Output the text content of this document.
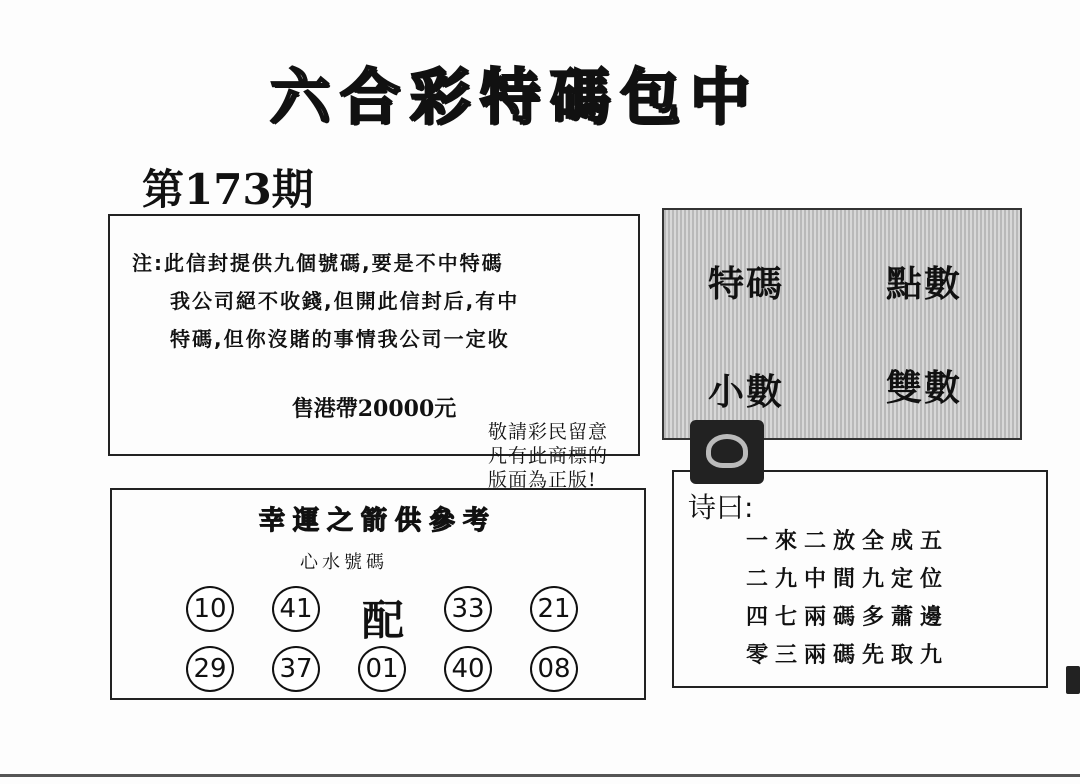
六合彩特碼包中
第173期
注:此信封提供九個號碼,要是不中特碼
我公司絕不收錢,但開此信封后,有中
特碼,但你沒賭的事情我公司一定收
售港帶20000元
特碼	點數
小數	雙數
敬請彩民留意
凡有此商標的
版面為正版!
幸運之箭供參考
心水號碼
10 41 配 33 21
29 37 01 40 08
诗曰:
一來二放全成五
二九中間九定位
四七兩碼多蕭邊
零三兩碼先取九
